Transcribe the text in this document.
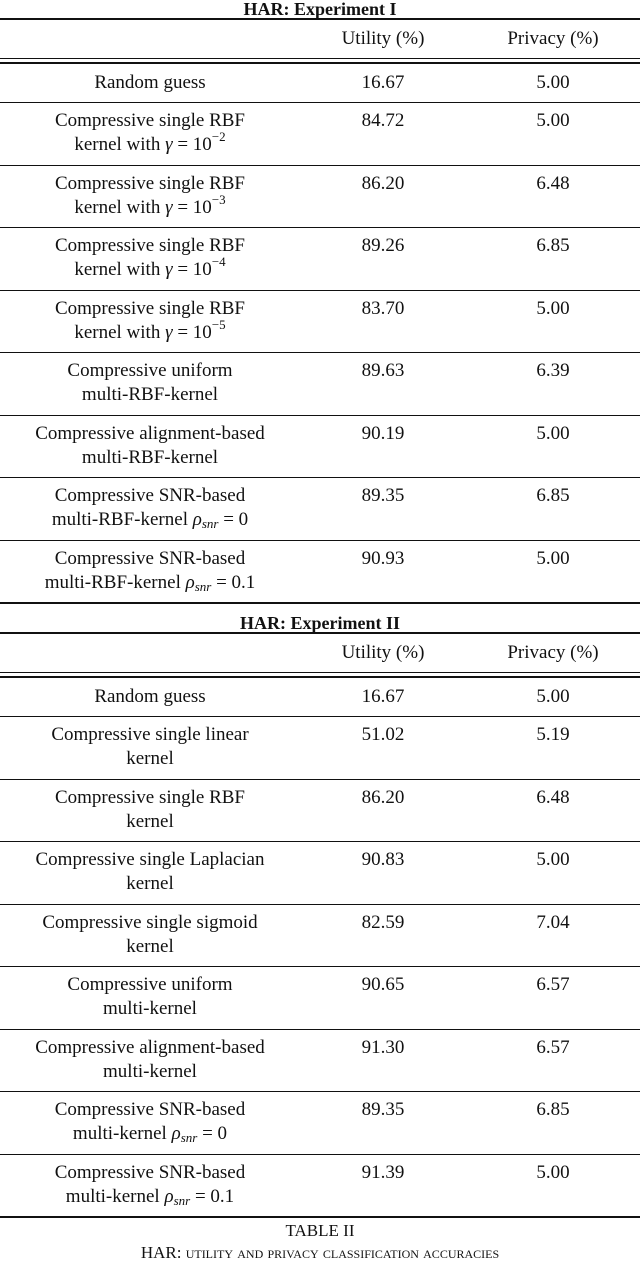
HAR: Experiment I
Utility (%)	Privacy (%)
Random guess	16.67	5.00
Compressive single RBF
kernel with $\gamma = 10^{-2}$
84.72	5.00
Compressive single RBF
kernel with $\gamma = 10^{-3}$
86.20	6.48
Compressive single RBF
kernel with $\gamma = 10^{-4}$
89.26	6.85
Compressive single RBF
kernel with $\gamma = 10^{-5}$
83.70	5.00
Compressive uniform
multi-RBF-kernel
89.63	6.39
Compressive alignment-based
multi-RBF-kernel
90.19	5.00
Compressive SNR-based
multi-RBF-kernel $\rho_{snr} = 0$
89.35	6.85
Compressive SNR-based
multi-RBF-kernel $\rho_{snr} = 0.1$
90.93	5.00
HAR: Experiment II
Utility (%)	Privacy (%)
Random guess	16.67	5.00
Compressive single linear
kernel
51.02	5.19
Compressive single RBF
kernel
86.20	6.48
Compressive single Laplacian
kernel
90.83	5.00
Compressive single sigmoid
kernel
82.59	7.04
Compressive uniform
multi-kernel
90.65	6.57
Compressive alignment-based
multi-kernel
91.30	6.57
Compressive SNR-based
multi-kernel $\rho_{snr} = 0$
89.35	6.85
Compressive SNR-based
multi-kernel $\rho_{snr} = 0.1$
91.39	5.00
TABLE II
HAR: utility and privacy classification accuracies
